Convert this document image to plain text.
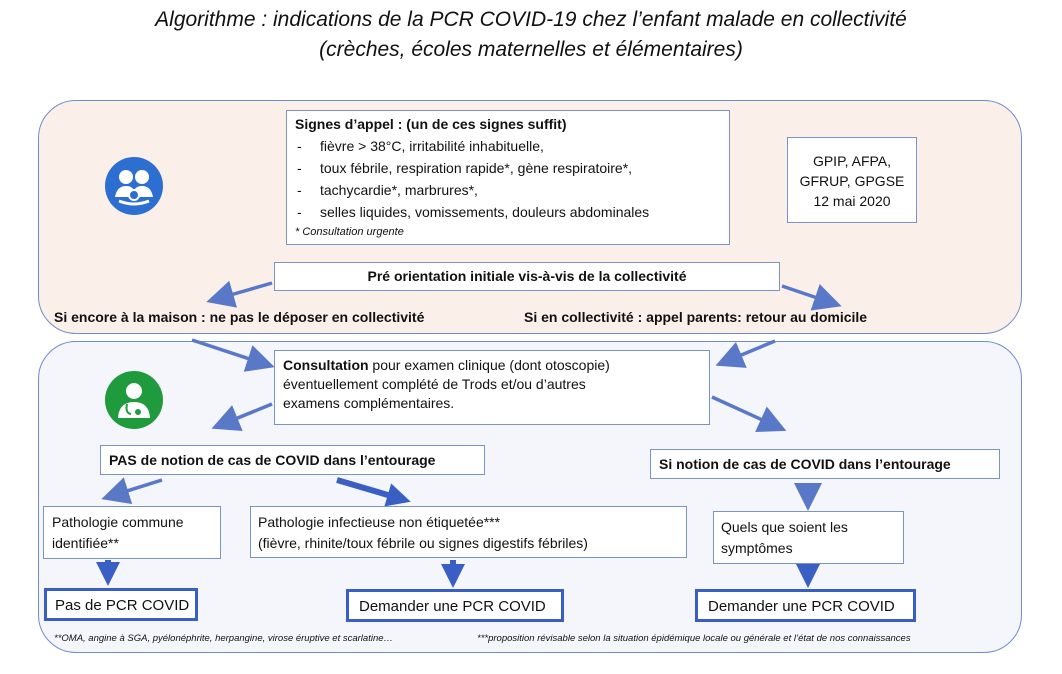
Algorithme : indications de la PCR COVID-19 chez l’enfant malade en collectivité
(crèches, écoles maternelles et élémentaires)
Signes d’appel : (un de ces signes suffit)
- fièvre > 38°C, irritabilité inhabituelle,
- toux fébrile, respiration rapide*, gène respiratoire*,
- tachycardie*, marbrures*,
- selles liquides, vomissements, douleurs abdominales
* Consultation urgente
GPIP, AFPA,
GFRUP, GPGSE
12 mai 2020
Pré orientation initiale vis-à-vis de la collectivité
Si encore à la maison : ne pas le déposer en collectivité	Si en collectivité : appel parents: retour au domicile
Consultation pour examen clinique (dont otoscopie)
éventuellement complété de Trods et/ou d’autres
examens complémentaires.
PAS de notion de cas de COVID dans l’entourage	Si notion de cas de COVID dans l’entourage
Pathologie commune
identifiée**
Pathologie infectieuse non étiquetée***
(fièvre, rhinite/toux fébrile ou signes digestifs fébriles)
Quels que soient les
symptômes
Pas de PCR COVID	Demander une PCR COVID	Demander une PCR COVID
**OMA, angine à SGA, pyélonéphrite, herpangine, virose éruptive et scarlatine…	***proposition révisable selon la situation épidémique locale ou générale et l’état de nos connaissances
